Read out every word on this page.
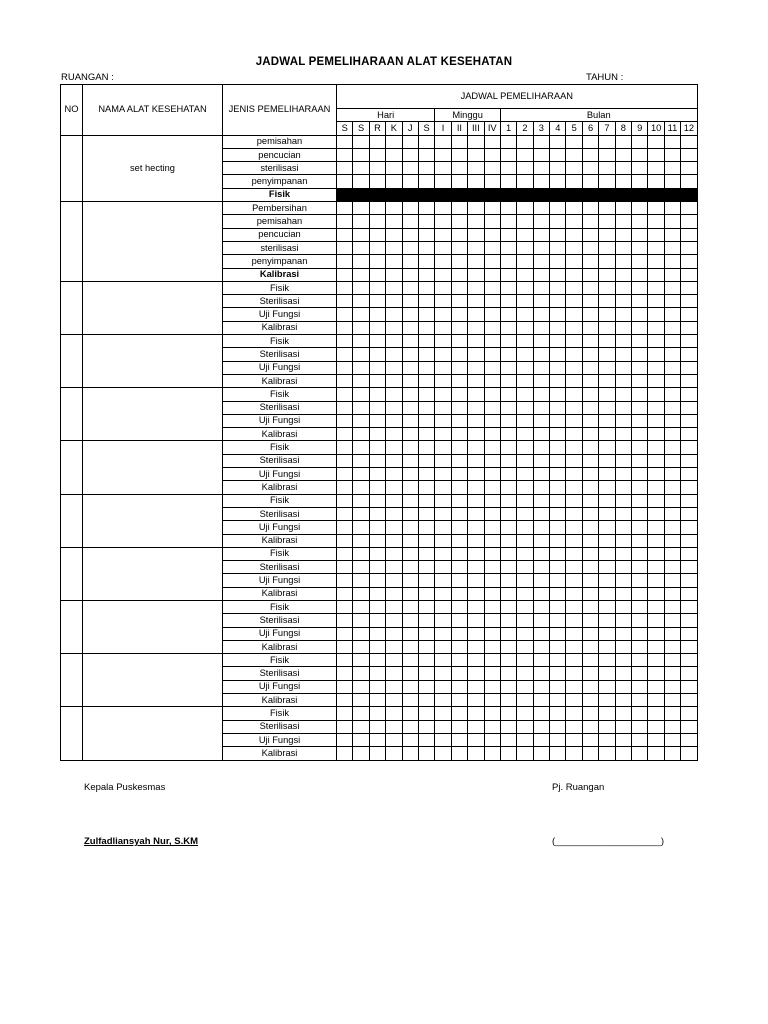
JADWAL PEMELIHARAAN ALAT KESEHATAN
RUANGAN :	TAHUN :
NO	NAMA ALAT KESEHATAN	JENIS PEMELIHARAAN	JADWAL PEMELIHARAAN																					
			Hari						Minggu				Bulan											
			S	S	R	K	J	S	I	II	III	IV	1	2	3	4	5	6	7	8	9	10	11	12
	set hecting	pemisahan																						
		pencucian																						
		sterilisasi																						
		penyimpanan																						
		Fisik																						
		Pembersihan																						
		pemisahan																						
		pencucian																						
		sterilisasi																						
		penyimpanan																						
		Kalibrasi																						
		Fisik																						
		Sterilisasi																						
		Uji Fungsi																						
		Kalibrasi																						
		Fisik																						
		Sterilisasi																						
		Uji Fungsi																						
		Kalibrasi																						
		Fisik																						
		Sterilisasi																						
		Uji Fungsi																						
		Kalibrasi																						
		Fisik																						
		Sterilisasi																						
		Uji Fungsi																						
		Kalibrasi																						
		Fisik																						
		Sterilisasi																						
		Uji Fungsi																						
		Kalibrasi																						
		Fisik																						
		Sterilisasi																						
		Uji Fungsi																						
		Kalibrasi																						
		Fisik																						
		Sterilisasi																						
		Uji Fungsi																						
		Kalibrasi																						
		Fisik																						
		Sterilisasi																						
		Uji Fungsi																						
		Kalibrasi																						
		Fisik																						
		Sterilisasi																						
		Uji Fungsi																						
		Kalibrasi																						
Kepala Puskesmas	Pj. Ruangan
Zulfadliansyah Nur, S.KM	(____________________)
